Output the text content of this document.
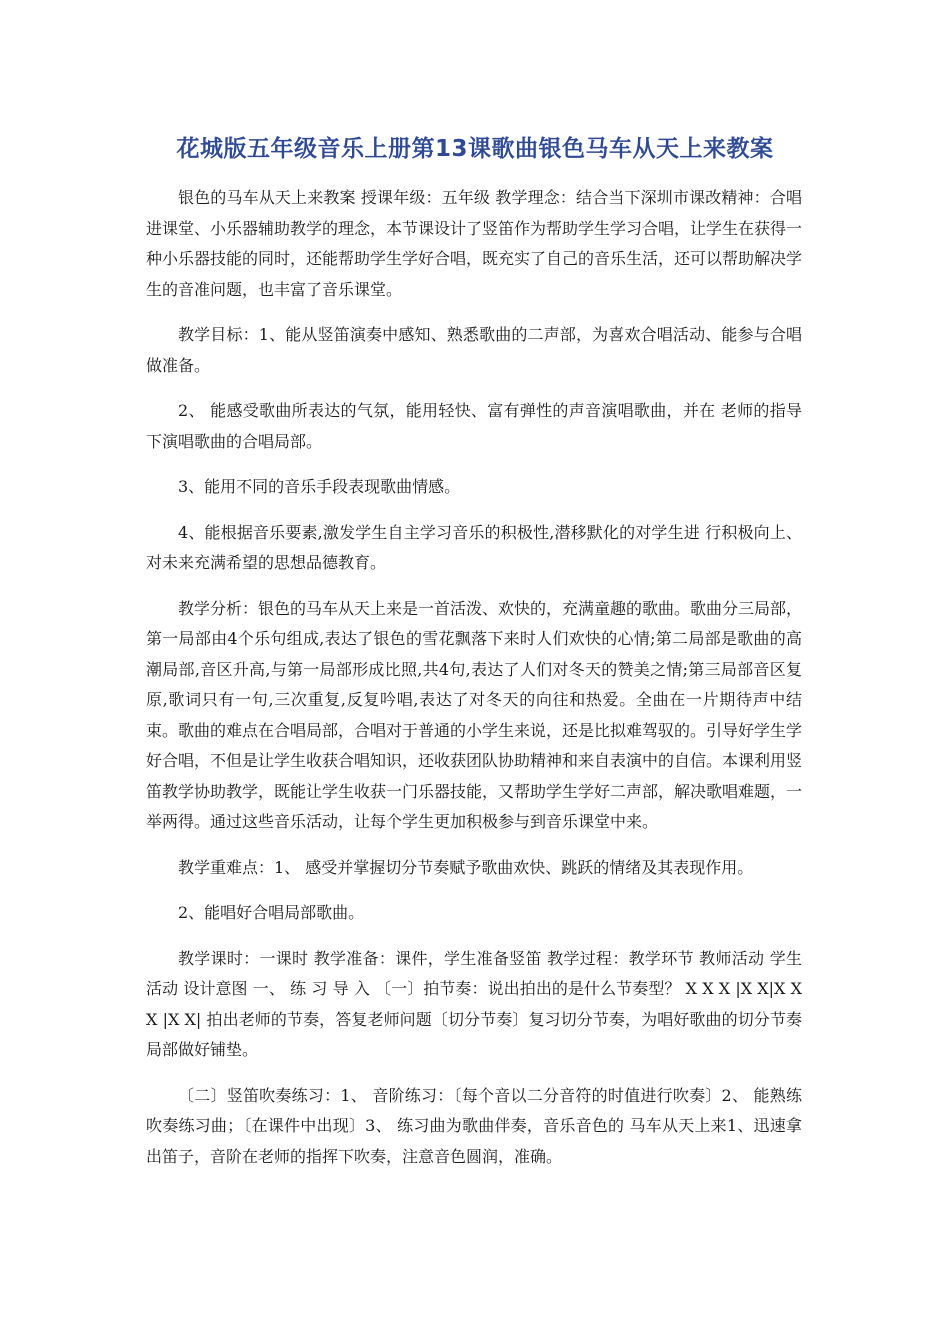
花城版五年级音乐上册第13课歌曲银色马车从天上来教案

银色的马车从天上来教案 授课年级：五年级 教学理念：结合当下深圳市课改精神：合唱进课堂、小乐器辅助教学的理念，本节课设计了竖笛作为帮助学生学习合唱，让学生在获得一种小乐器技能的同时，还能帮助学生学好合唱，既充实了自己的音乐生活，还可以帮助解决学生的音准问题，也丰富了音乐课堂。

教学目标：1、能从竖笛演奏中感知、熟悉歌曲的二声部，为喜欢合唱活动、能参与合唱做准备。

2、 能感受歌曲所表达的气氛，能用轻快、富有弹性的声音演唱歌曲，并在 老师的指导下演唱歌曲的合唱局部。

3、能用不同的音乐手段表现歌曲情感。

4、能根据音乐要素,激发学生自主学习音乐的积极性,潜移默化的对学生进 行积极向上、对未来充满希望的思想品德教育。

教学分析：银色的马车从天上来是一首活泼、欢快的，充满童趣的歌曲。歌曲分三局部，第一局部由4个乐句组成,表达了银色的雪花飘落下来时人们欢快的心情;第二局部是歌曲的高潮局部,音区升高,与第一局部形成比照,共4句,表达了人们对冬天的赞美之情;第三局部音区复原,歌词只有一句,三次重复,反复吟唱,表达了对冬天的向往和热爱。全曲在一片期待声中结束。歌曲的难点在合唱局部，合唱对于普通的小学生来说，还是比拟难驾驭的。引导好学生学好合唱，不但是让学生收获合唱知识，还收获团队协助精神和来自表演中的自信。本课利用竖笛教学协助教学，既能让学生收获一门乐器技能，又帮助学生学好二声部，解决歌唱难题，一举两得。通过这些音乐活动，让每个学生更加积极参与到音乐课堂中来。

教学重难点：1、 感受并掌握切分节奏赋予歌曲欢快、跳跃的情绪及其表现作用。

2、能唱好合唱局部歌曲。

教学课时：一课时 教学准备：课件，学生准备竖笛 教学过程：教学环节 教师活动 学生活动 设计意图 一、 练 习 导 入 〔一〕拍节奏：说出拍出的是什么节奏型？ X X X |X X|X X X |X X| 拍出老师的节奏，答复老师问题〔切分节奏〕复习切分节奏，为唱好歌曲的切分节奏局部做好铺垫。

〔二〕竖笛吹奏练习：1、 音阶练习：〔每个音以二分音符的时值进行吹奏〕2、 能熟练吹奏练习曲；〔在课件中出现〕3、 练习曲为歌曲伴奏，音乐音色的 马车从天上来1、迅速拿出笛子，音阶在老师的指挥下吹奏，注意音色圆润，准确。
